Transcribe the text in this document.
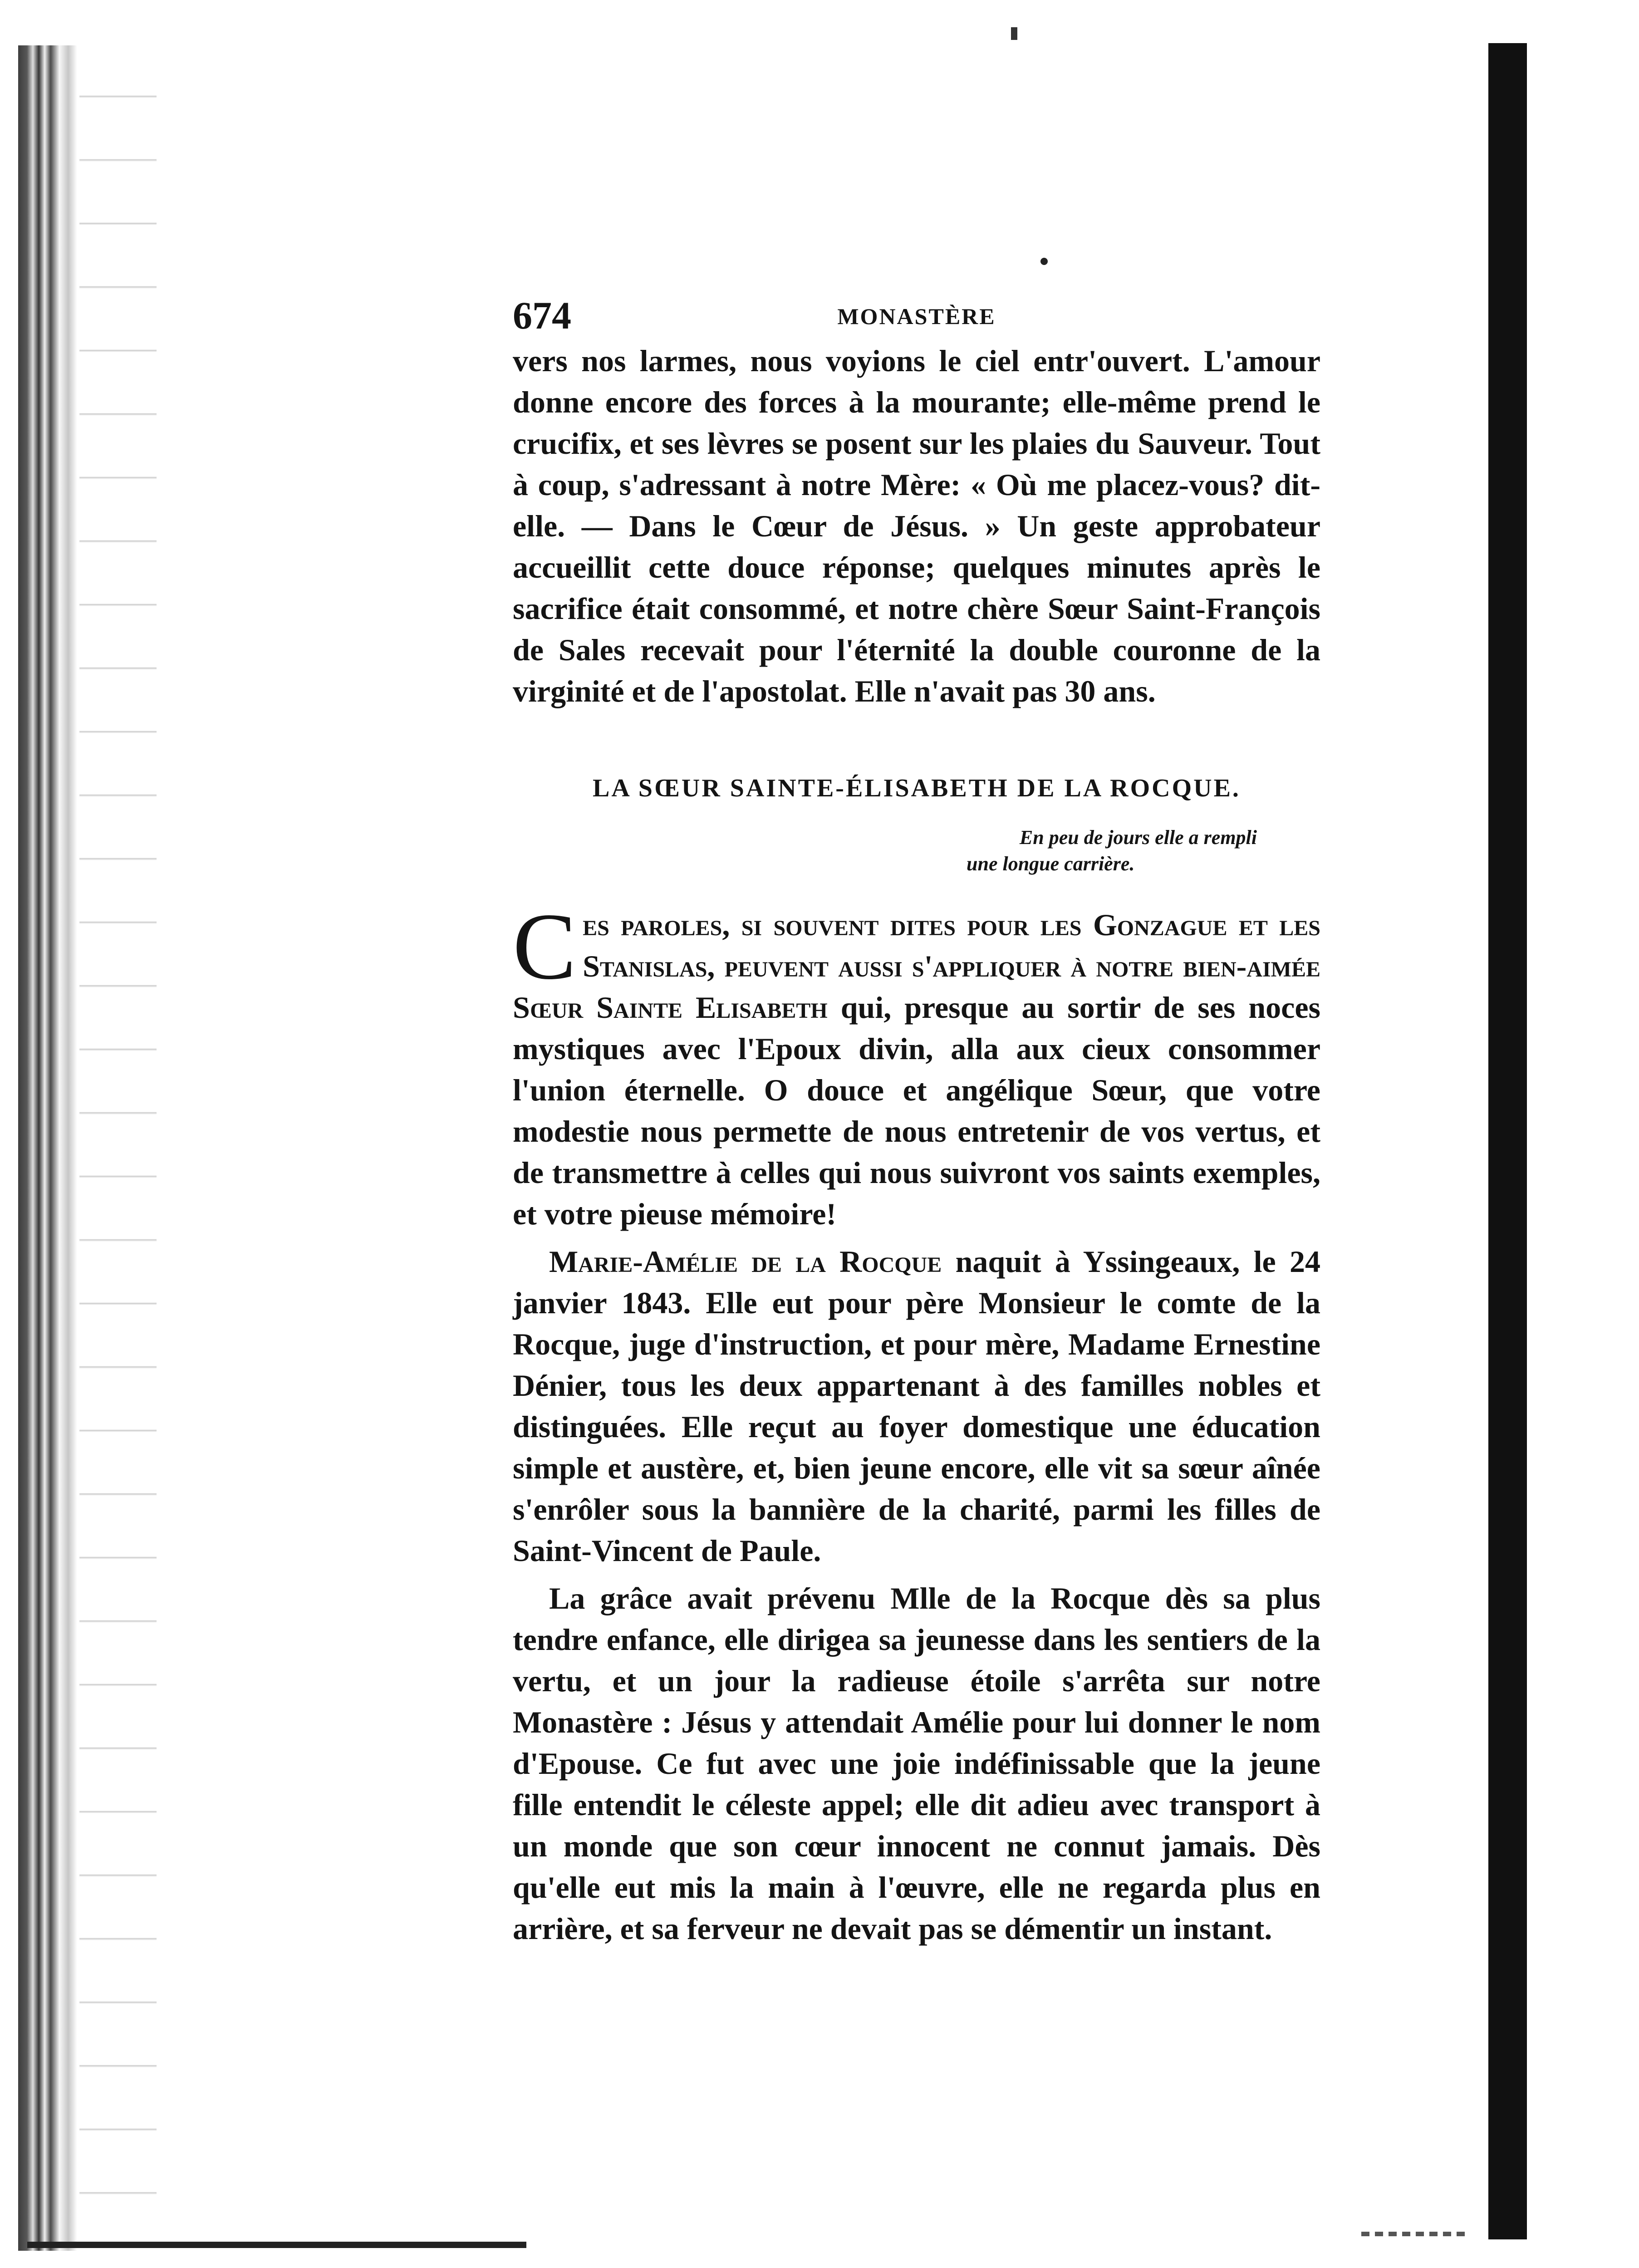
674	MONASTÈRE

vers nos larmes, nous voyions le ciel entr'ouvert. L'amour donne encore des forces à la mourante; elle-même prend le crucifix, et ses lèvres se posent sur les plaies du Sauveur. Tout à coup, s'adressant à notre Mère: « Où me placez-vous? dit-elle. — Dans le Cœur de Jésus. » Un geste approbateur accueillit cette douce réponse; quelques minutes après le sacrifice était consommé, et notre chère Sœur Saint-François de Sales recevait pour l'éternité la double couronne de la virginité et de l'apostolat. Elle n'avait pas 30 ans.

LA SŒUR SAINTE-ÉLISABETH DE LA ROCQUE.
En peu de jours elle a rempli
une longue carrière.

Ces paroles, si souvent dites pour les Gonzague et les Stanislas, peuvent aussi s'appliquer à notre bien-aimée Sœur Sainte Elisabeth qui, presque au sortir de ses noces mystiques avec l'Epoux divin, alla aux cieux consommer l'union éternelle. O douce et angélique Sœur, que votre modestie nous permette de nous entretenir de vos vertus, et de transmettre à celles qui nous suivront vos saints exemples, et votre pieuse mémoire!

Marie-Amélie de la Rocque naquit à Yssingeaux, le 24 janvier 1843. Elle eut pour père Monsieur le comte de la Rocque, juge d'instruction, et pour mère, Madame Ernestine Dénier, tous les deux appartenant à des familles nobles et distinguées. Elle reçut au foyer domestique une éducation simple et austère, et, bien jeune encore, elle vit sa sœur aînée s'enrôler sous la bannière de la charité, parmi les filles de Saint-Vincent de Paule.

La grâce avait prévenu Mlle de la Rocque dès sa plus tendre enfance, elle dirigea sa jeunesse dans les sentiers de la vertu, et un jour la radieuse étoile s'arrêta sur notre Monastère : Jésus y attendait Amélie pour lui donner le nom d'Epouse. Ce fut avec une joie indéfinissable que la jeune fille entendit le céleste appel; elle dit adieu avec transport à un monde que son cœur innocent ne connut jamais. Dès qu'elle eut mis la main à l'œuvre, elle ne regarda plus en arrière, et sa ferveur ne devait pas se démentir un instant.
